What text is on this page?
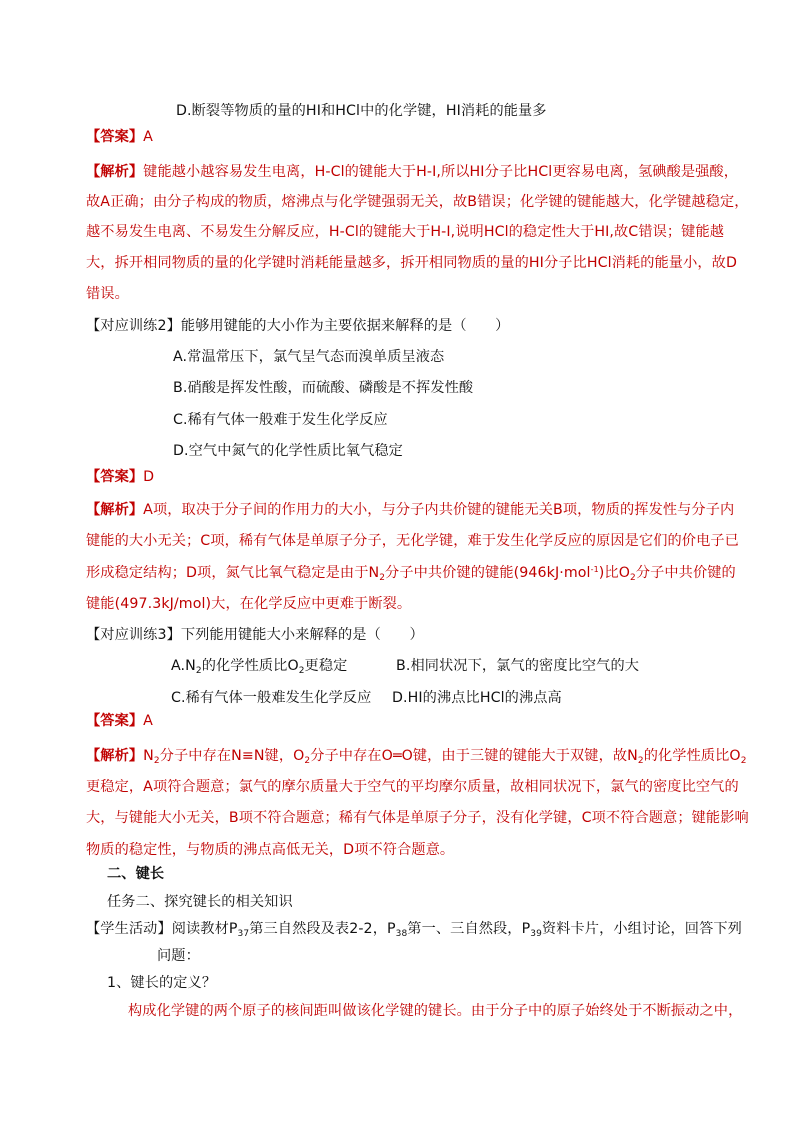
D.断裂等物质的量的HI和HCl中的化学键，HI消耗的能量多
【答案】A
【解析】键能越小越容易发生电离，H-Cl的键能大于H-I,所以HI分子比HCl更容易电离，氢碘酸是强酸，
故A正确；由分子构成的物质，熔沸点与化学键强弱无关，故B错误；化学键的键能越大，化学键越稳定，
越不易发生电离、不易发生分解反应，H-Cl的键能大于H-I,说明HCl的稳定性大于HI,故C错误；键能越
大，拆开相同物质的量的化学键时消耗能量越多，拆开相同物质的量的HI分子比HCl消耗的能量小，故D
错误。
【对应训练2】能够用键能的大小作为主要依据来解释的是（　　）
A.常温常压下，氯气呈气态而溴单质呈液态
B.硝酸是挥发性酸，而硫酸、磷酸是不挥发性酸
C.稀有气体一般难于发生化学反应
D.空气中氮气的化学性质比氧气稳定
【答案】D
【解析】A项，取决于分子间的作用力的大小，与分子内共价键的键能无关B项，物质的挥发性与分子内
键能的大小无关；C项，稀有气体是单原子分子，无化学键，难于发生化学反应的原因是它们的价电子已
形成稳定结构；D项，氮气比氧气稳定是由于$N_2$分子中共价键的键能(946kJ·mol$^{-1}$)比$O_2$分子中共价键的
键能(497.3kJ/mol)大，在化学反应中更难于断裂。
【对应训练3】下列能用键能大小来解释的是（　　）
$A.N_2$的化学性质比$O_2$更稳定	B.相同状况下，氯气的密度比空气的大
C.稀有气体一般难发生化学反应 D.HI的沸点比HCl的沸点高
【答案】A
【解析】$N_2$分子中存在N≡N键，$O_2$分子中存在O═O键，由于三键的键能大于双键，故$N_2$的化学性质比$O_2$
更稳定，A项符合题意；氯气的摩尔质量大于空气的平均摩尔质量，故相同状况下，氯气的密度比空气的
大，与键能大小无关，B项不符合题意；稀有气体是单原子分子，没有化学键，C项不符合题意；键能影响
物质的稳定性，与物质的沸点高低无关，D项不符合题意。
二、键长
任务二、探究键长的相关知识
【学生活动】阅读教材$P_{37}$第三自然段及表2-2，$P_{38}$第一、三自然段，$P_{39}$资料卡片，小组讨论，回答下列
问题：
1、键长的定义？
构成化学键的两个原子的核间距叫做该化学键的键长。由于分子中的原子始终处于不断振动之中，
